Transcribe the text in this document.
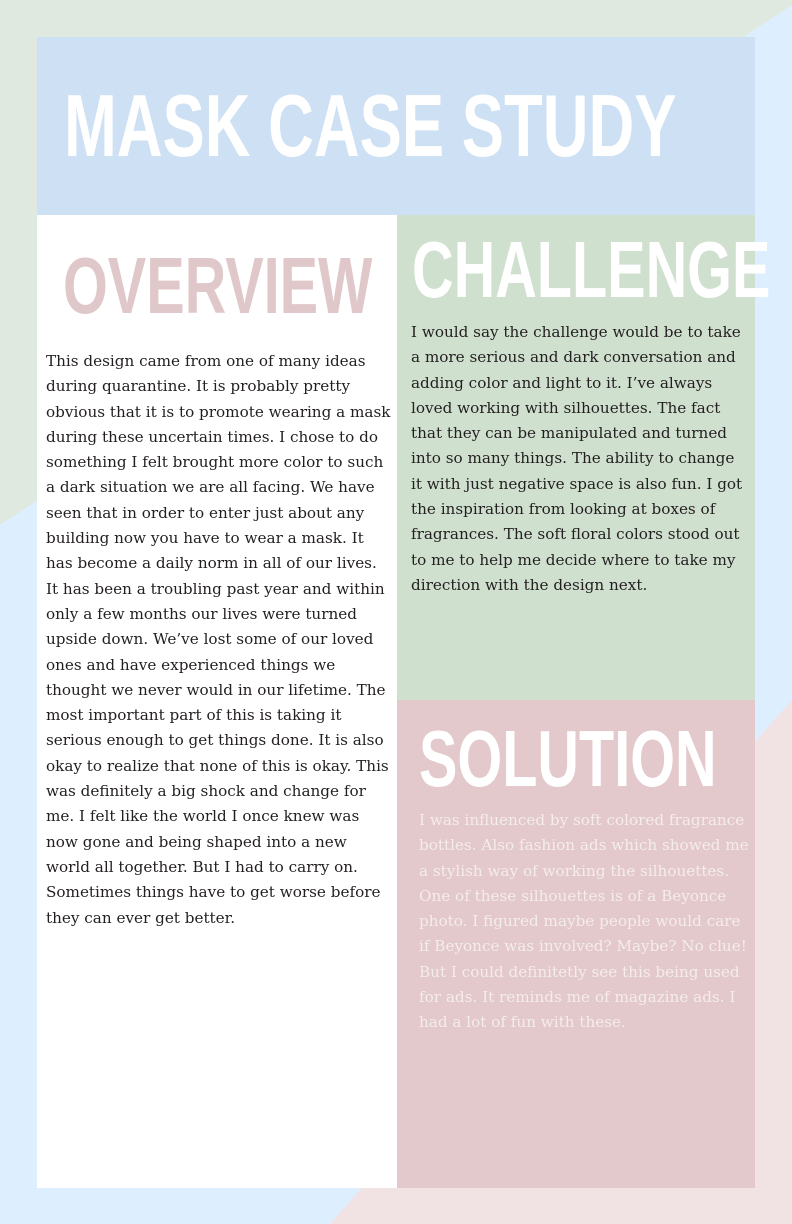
MASK CASE STUDY
OVERVIEW

This design came from one of many ideas during quarantine. It is probably pretty obvious that it is to promote wearing a mask during these uncertain times. I chose to do something I felt brought more color to such a dark situation we are all facing. We have seen that in order to enter just about any building now you have to wear a mask. It has become a daily norm in all of our lives.

It has been a troubling past year and within only a few months our lives were turned upside down. We’ve lost some of our loved ones and have experienced things we thought we never would in our lifetime. The most important part of this is taking it serious enough to get things done. It is also okay to realize that none of this is okay. This was definitely a big shock and change for me. I felt like the world I once knew was now gone and being shaped into a new world all together. But I had to carry on. Sometimes things have to get worse before they can ever get better.

CHALLENGE

I would say the challenge would be to take a more serious and dark conversation and adding color and light to it. I’ve always loved working with silhouettes. The fact that they can be manipulated and turned into so many things. The ability to change it with just negative space is also fun. I got the inspiration from looking at boxes of fragrances. The soft floral colors stood out to me to help me decide where to take my direction with the design next.

SOLUTION

I was influenced by soft colored fragrance bottles. Also fashion ads which showed me a stylish way of working the silhouettes. One of these silhouettes is of a Beyonce photo. I figured maybe people would care if Beyonce was involved? Maybe? No clue! But I could definitetly see this being used for ads. It reminds me of magazine ads. I had a lot of fun with these.
